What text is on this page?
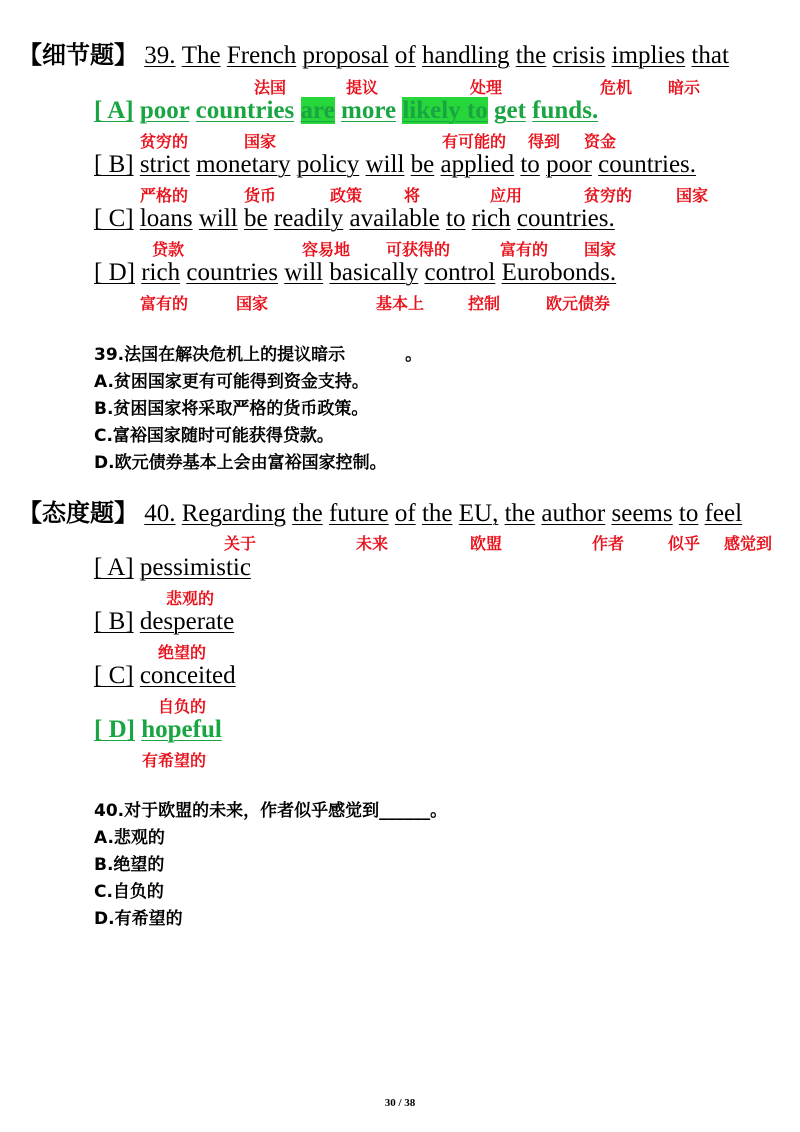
【细节题】 39. The French proposal of handling the crisis implies that
法国	提议	处理	危机 暗示
[ A] poor countries are more likely to get funds.
贫穷的	国家	有可能的 得到 资金
[ B] strict monetary policy will be applied to poor countries.
严格的	货币	政策	将	应用	贫穷的	国家
[ C] loans will be readily available to rich countries.
贷款	容易地 可获得的	富有的 国家
[ D] rich countries will basically control Eurobonds.
富有的	国家	基本上	控制	欧元债券
39.法国在解决危机上的提议暗示	。
A.贫困国家更有可能得到资金支持。
B.贫困国家将采取严格的货币政策。
C.富裕国家随时可能获得贷款。
D.欧元债券基本上会由富裕国家控制。
【态度题】 40. Regarding the future of the EU, the author seems to feel
关于	未来	欧盟	作者	似乎 感觉到
[ A] pessimistic
悲观的
[ B] desperate
绝望的
[ C] conceited
自负的
[ D] hopeful
有希望的
40.对于欧盟的未来，作者似乎感觉到______。
A.悲观的
B.绝望的
C.自负的
D.有希望的
30 / 38
